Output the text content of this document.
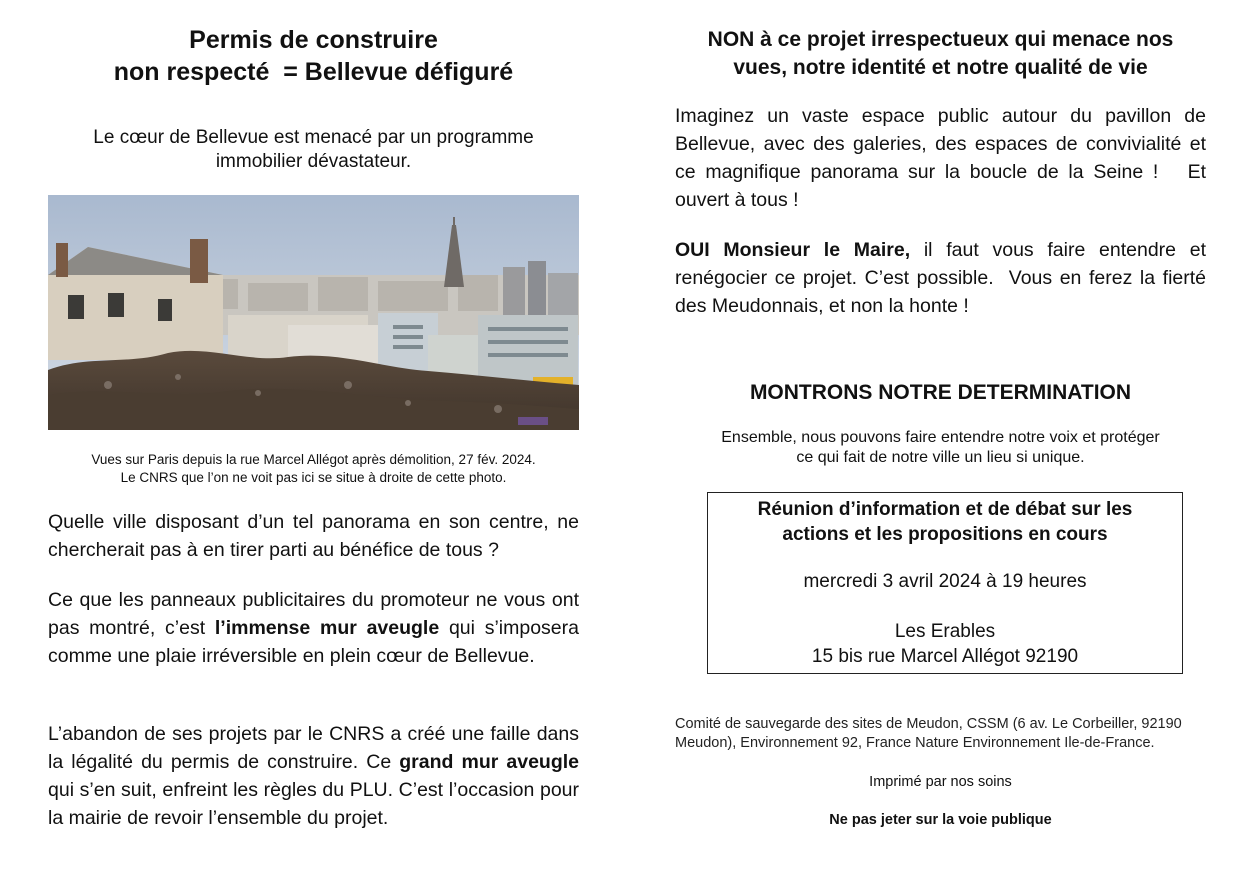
Permis de construire
non respecté  = Bellevue défiguré
Le cœur de Bellevue est menacé par un programme
immobilier dévastateur.
Vues sur Paris depuis la rue Marcel Allégot après démolition, 27 fév. 2024.
Le CNRS que l’on ne voit pas ici se situe à droite de cette photo.
Quelle ville disposant d’un tel panorama en son centre, ne chercherait pas à en tirer parti au bénéfice de tous ?
Ce que les panneaux publicitaires du promoteur ne vous ont pas montré, c’est l’immense mur aveugle qui s’imposera comme une plaie irréversible en plein cœur de Bellevue.
L’abandon de ses projets par le CNRS a créé une faille dans la légalité du permis de construire. Ce grand mur aveugle qui s’en suit, enfreint les règles du PLU. C’est l’occasion pour la mairie de revoir l’ensemble du projet.
NON à ce projet irrespectueux qui menace nos
vues, notre identité et notre qualité de vie
Imaginez un vaste espace public autour du pavillon de Bellevue, avec des galeries, des espaces de convivialité et ce magnifique panorama sur la boucle de la Seine !   Et ouvert à tous !
OUI Monsieur le Maire, il faut vous faire entendre et renégocier ce projet. C’est possible.  Vous en ferez la fierté des Meudonnais, et non la honte !
MONTRONS NOTRE DETERMINATION
Ensemble, nous pouvons faire entendre notre voix et protéger
ce qui fait de notre ville un lieu si unique.
Réunion d’information et de débat sur les
actions et les propositions en cours
mercredi 3 avril 2024 à 19 heures
Les Erables
15 bis rue Marcel Allégot 92190
Comité de sauvegarde des sites de Meudon, CSSM (6 av. Le Corbeiller, 92190 Meudon), Environnement 92, France Nature Environnement Ile-de-France.
Imprimé par nos soins
Ne pas jeter sur la voie publique
